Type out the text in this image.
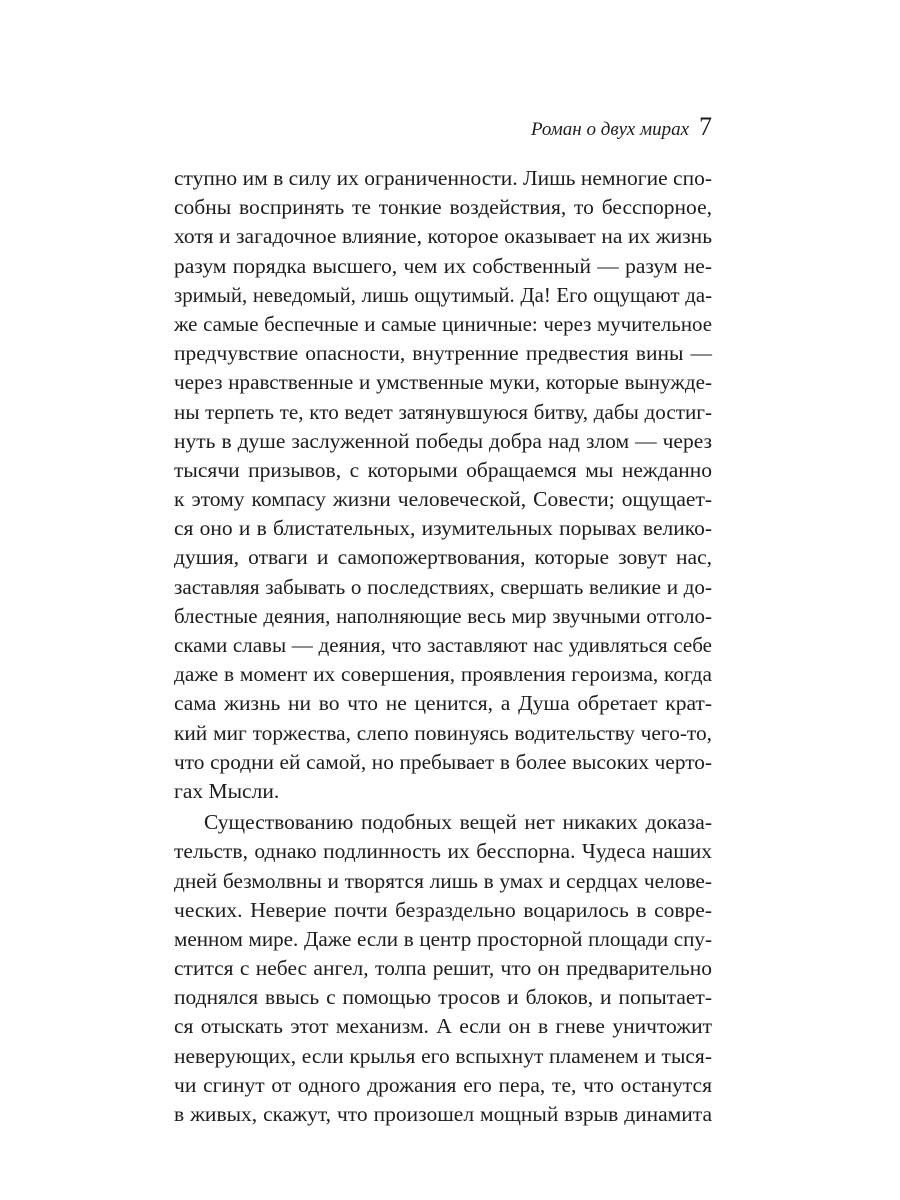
Роман о двух мирах 7
ступно им в силу их ограниченности. Лишь немногие спо-
собны воспринять те тонкие воздействия, то бесспорное,
хотя и загадочное влияние, которое оказывает на их жизнь
разум порядка высшего, чем их собственный — разум не-
зримый, неведомый, лишь ощутимый. Да! Его ощущают да-
же самые беспечные и самые циничные: через мучительное
предчувствие опасности, внутренние предвестия вины —
через нравственные и умственные муки, которые вынужде-
ны терпеть те, кто ведет затянувшуюся битву, дабы достиг-
нуть в душе заслуженной победы добра над злом — через
тысячи призывов, с которыми обращаемся мы нежданно
к этому компасу жизни человеческой, Совести; ощущает-
ся оно и в блистательных, изумительных порывах велико-
душия, отваги и самопожертвования, которые зовут нас,
заставляя забывать о последствиях, свершать великие и до-
блестные деяния, наполняющие весь мир звучными отголо-
сками славы — деяния, что заставляют нас удивляться себе
даже в момент их совершения, проявления героизма, когда
сама жизнь ни во что не ценится, а Душа обретает крат-
кий миг торжества, слепо повинуясь водительству чего-то,
что сродни ей самой, но пребывает в более высоких черто-
гах Мысли.
Существованию подобных вещей нет никаких доказа-
тельств, однако подлинность их бесспорна. Чудеса наших
дней безмолвны и творятся лишь в умах и сердцах челове-
ческих. Неверие почти безраздельно воцарилось в совре-
менном мире. Даже если в центр просторной площади спу-
стится с небес ангел, толпа решит, что он предварительно
поднялся ввысь с помощью тросов и блоков, и попытает-
ся отыскать этот механизм. А если он в гневе уничтожит
неверующих, если крылья его вспыхнут пламенем и тыся-
чи сгинут от одного дрожания его пера, те, что останутся
в живых, скажут, что произошел мощный взрыв динамита
